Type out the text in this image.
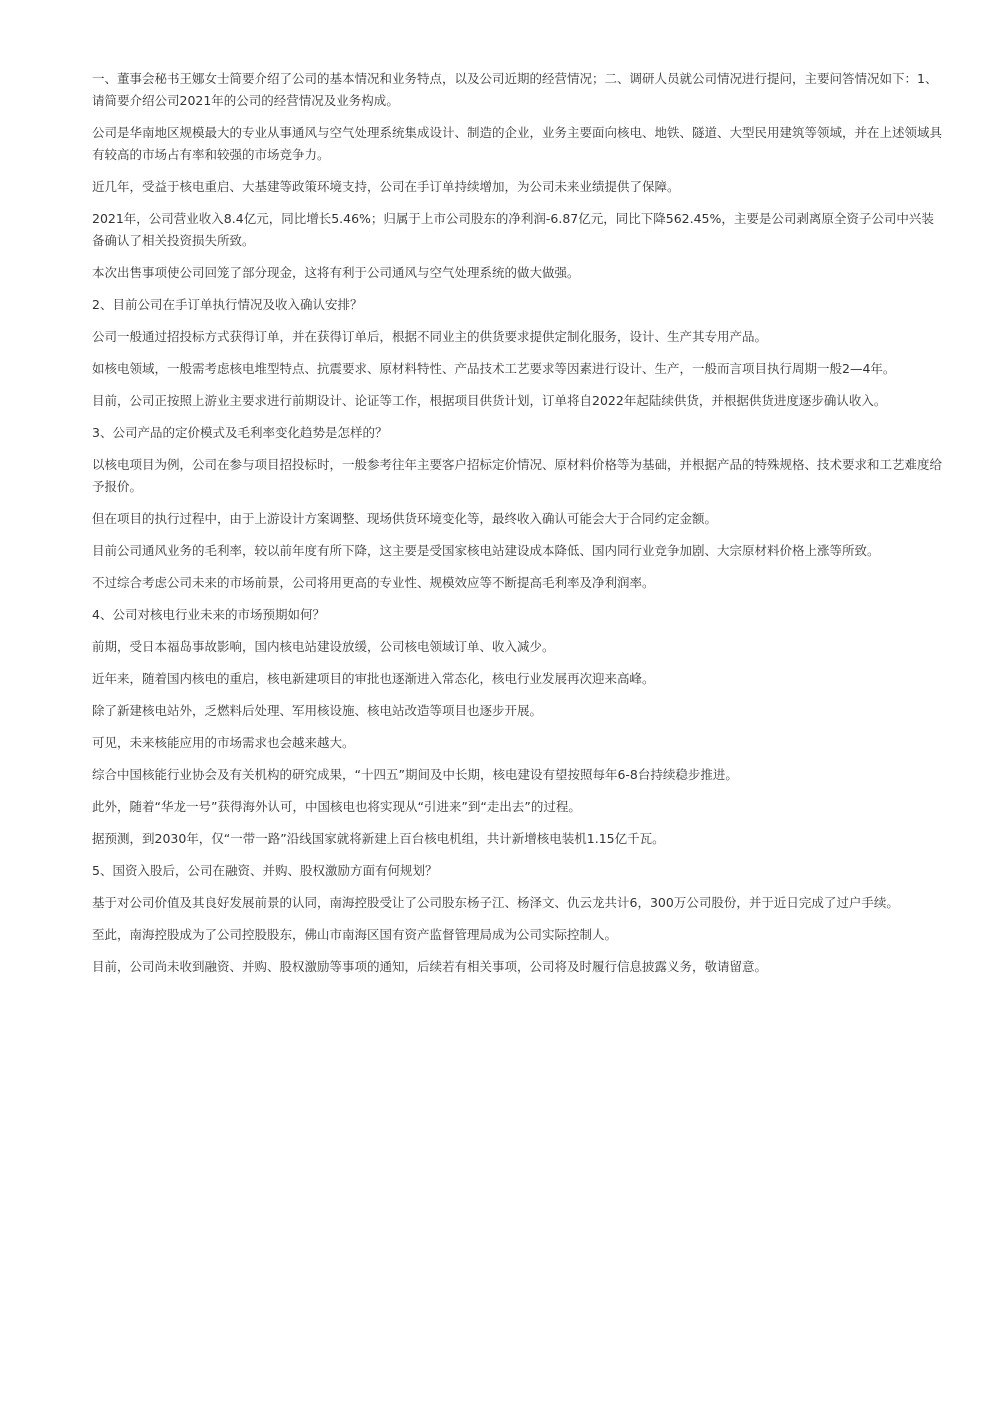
一、董事会秘书王娜女士简要介绍了公司的基本情况和业务特点，以及公司近期的经营情况；二、调研人员就公司情况进行提问，主要问答情况如下：1、请简要介绍公司2021年的公司的经营情况及业务构成。

公司是华南地区规模最大的专业从事通风与空气处理系统集成设计、制造的企业，业务主要面向核电、地铁、隧道、大型民用建筑等领域，并在上述领域具有较高的市场占有率和较强的市场竞争力。

近几年，受益于核电重启、大基建等政策环境支持，公司在手订单持续增加，为公司未来业绩提供了保障。

2021年，公司营业收入8.4亿元，同比增长5.46%；归属于上市公司股东的净利润-6.87亿元，同比下降562.45%，主要是公司剥离原全资子公司中兴装备确认了相关投资损失所致。

本次出售事项使公司回笼了部分现金，这将有利于公司通风与空气处理系统的做大做强。

2、目前公司在手订单执行情况及收入确认安排？

公司一般通过招投标方式获得订单，并在获得订单后，根据不同业主的供货要求提供定制化服务，设计、生产其专用产品。

如核电领域，一般需考虑核电堆型特点、抗震要求、原材料特性、产品技术工艺要求等因素进行设计、生产，一般而言项目执行周期一般2—4年。

目前，公司正按照上游业主要求进行前期设计、论证等工作，根据项目供货计划，订单将自2022年起陆续供货，并根据供货进度逐步确认收入。

3、公司产品的定价模式及毛利率变化趋势是怎样的？

以核电项目为例，公司在参与项目招投标时，一般参考往年主要客户招标定价情况、原材料价格等为基础，并根据产品的特殊规格、技术要求和工艺难度给予报价。

但在项目的执行过程中，由于上游设计方案调整、现场供货环境变化等，最终收入确认可能会大于合同约定金额。

目前公司通风业务的毛利率，较以前年度有所下降，这主要是受国家核电站建设成本降低、国内同行业竞争加剧、大宗原材料价格上涨等所致。

不过综合考虑公司未来的市场前景，公司将用更高的专业性、规模效应等不断提高毛利率及净利润率。

4、公司对核电行业未来的市场预期如何？

前期，受日本福岛事故影响，国内核电站建设放缓，公司核电领域订单、收入减少。

近年来，随着国内核电的重启，核电新建项目的审批也逐渐进入常态化，核电行业发展再次迎来高峰。

除了新建核电站外，乏燃料后处理、军用核设施、核电站改造等项目也逐步开展。

可见，未来核能应用的市场需求也会越来越大。

综合中国核能行业协会及有关机构的研究成果，“十四五”期间及中长期，核电建设有望按照每年6-8台持续稳步推进。

此外，随着“华龙一号”获得海外认可，中国核电也将实现从“引进来”到“走出去”的过程。

据预测，到2030年，仅“一带一路”沿线国家就将新建上百台核电机组，共计新增核电装机1.15亿千瓦。

5、国资入股后，公司在融资、并购、股权激励方面有何规划？

基于对公司价值及其良好发展前景的认同，南海控股受让了公司股东杨子江、杨泽文、仇云龙共计6，300万公司股份，并于近日完成了过户手续。

至此，南海控股成为了公司控股股东，佛山市南海区国有资产监督管理局成为公司实际控制人。

目前，公司尚未收到融资、并购、股权激励等事项的通知，后续若有相关事项，公司将及时履行信息披露义务，敬请留意。
